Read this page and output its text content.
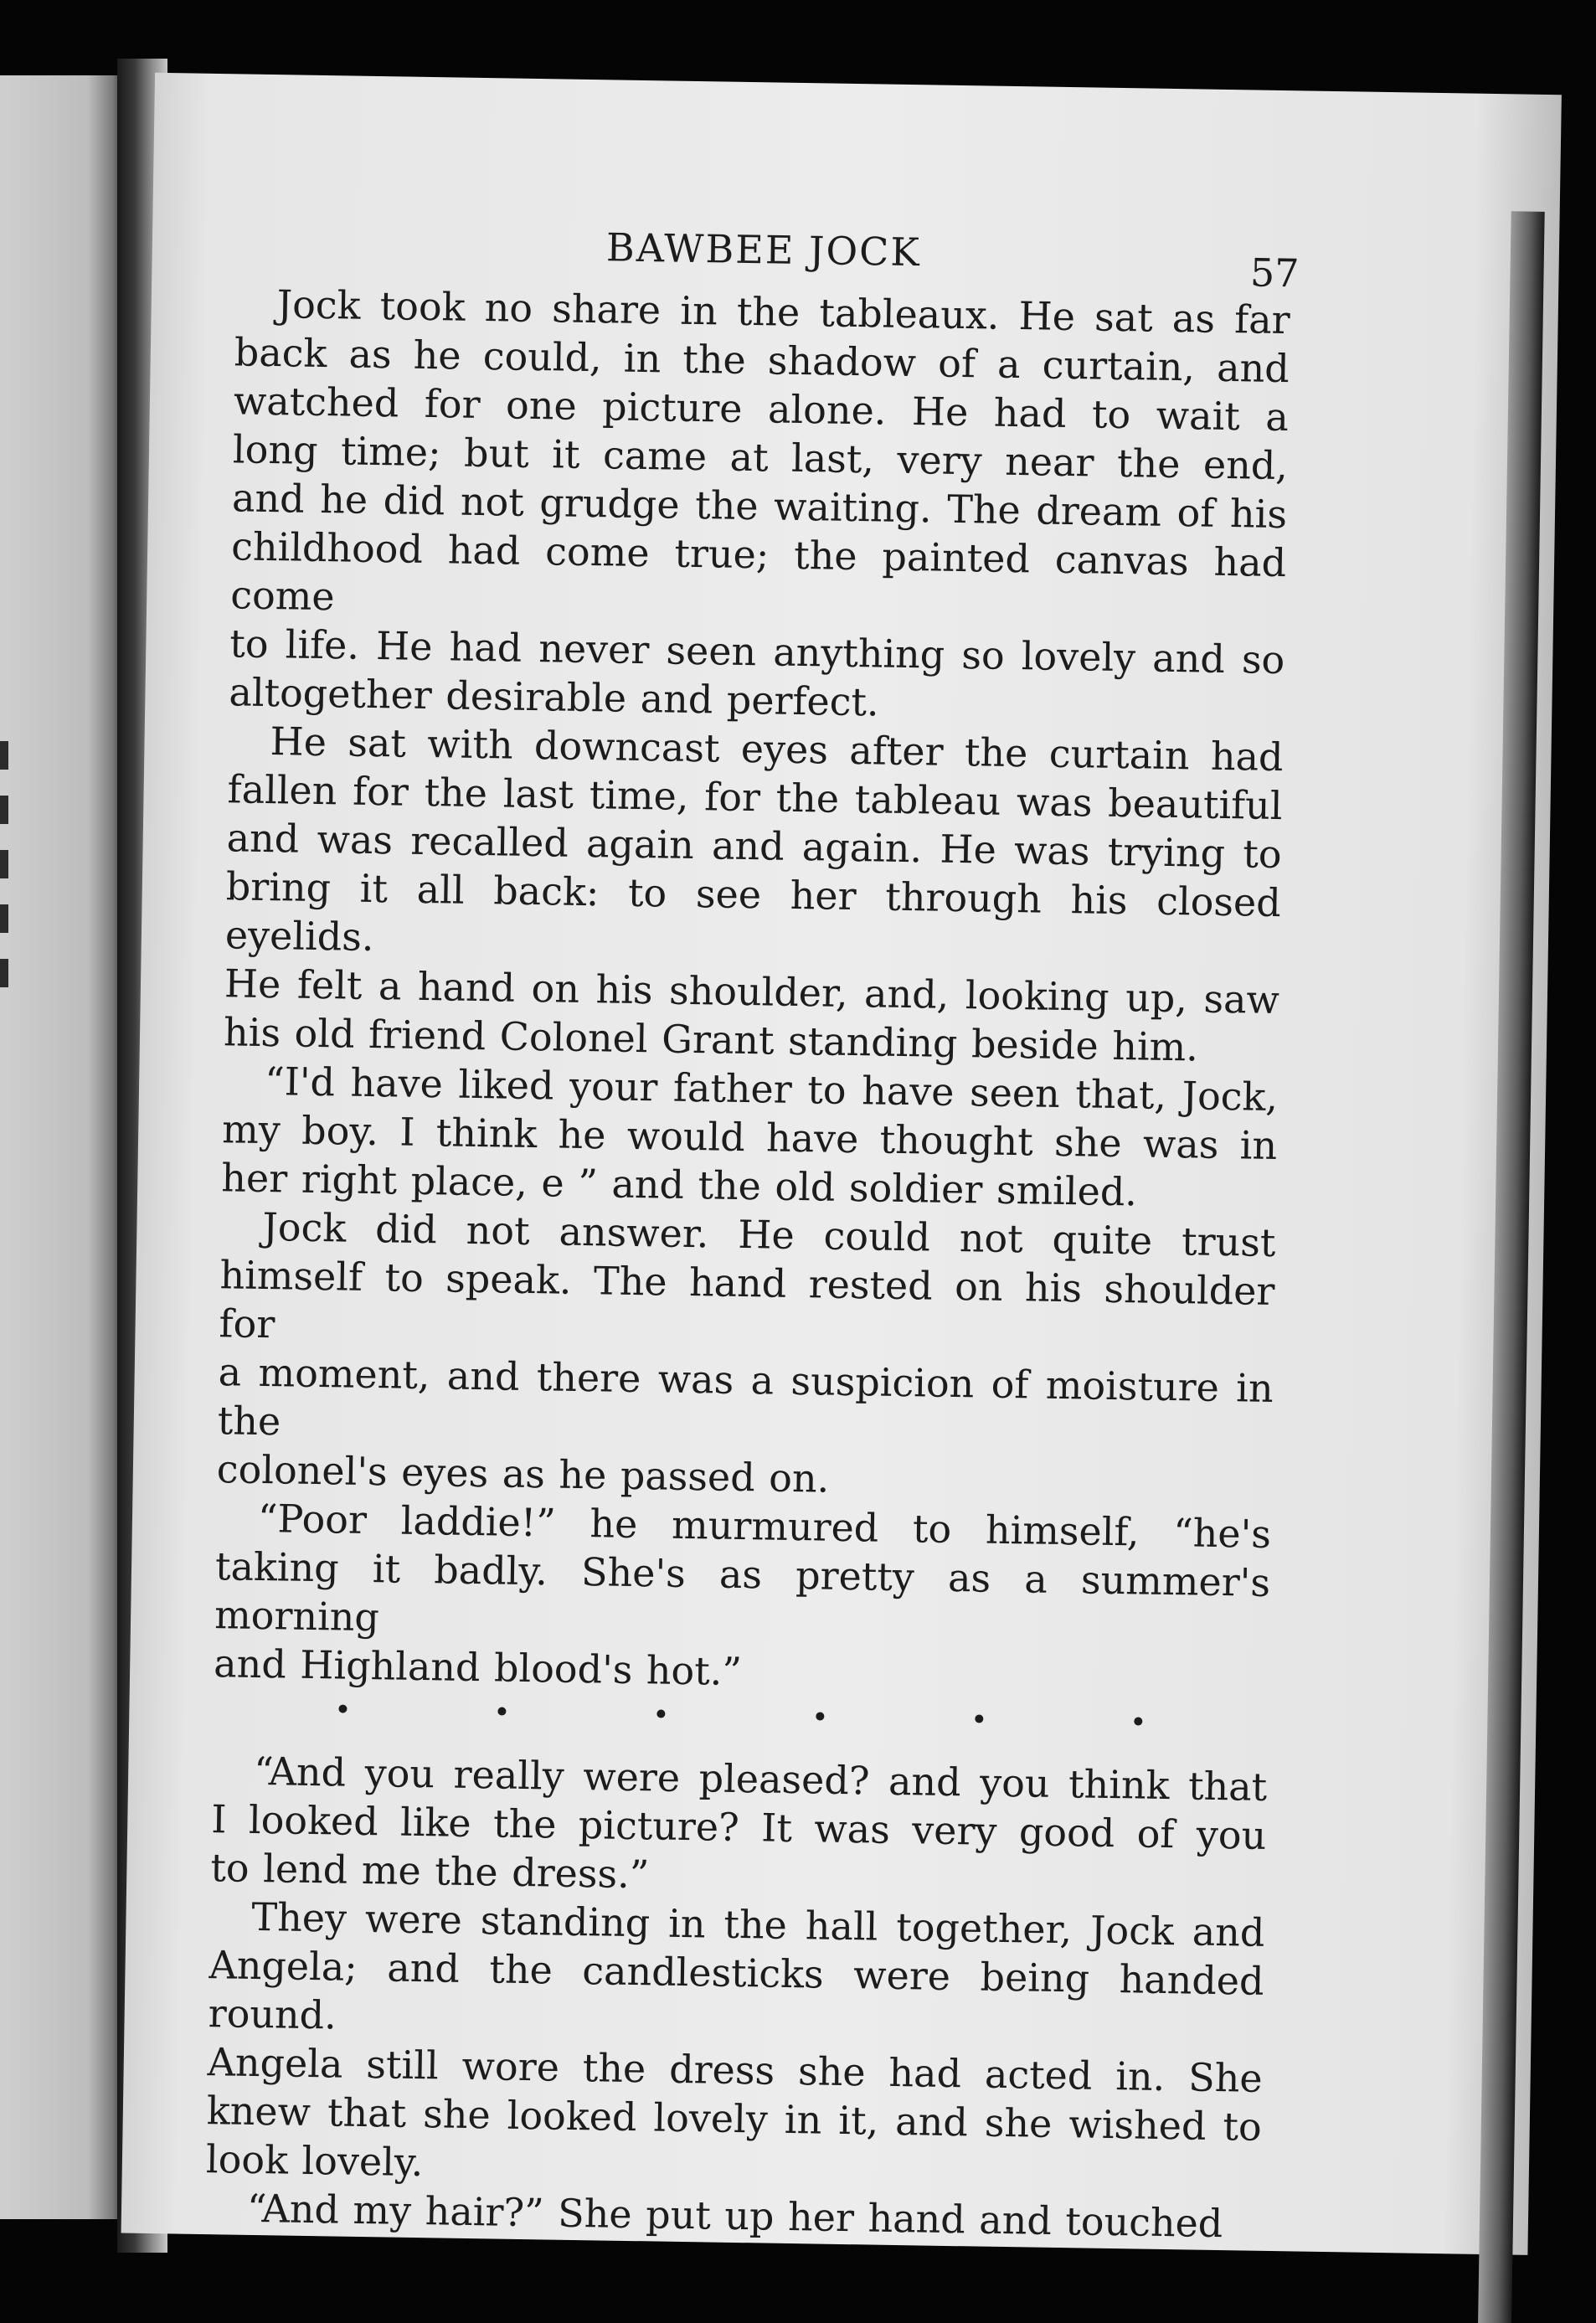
BAWBEE JOCK	57

Jock took no share in the tableaux. He sat as far
back as he could, in the shadow of a curtain, and
watched for one picture alone. He had to wait a
long time; but it came at last, very near the end,
and he did not grudge the waiting. The dream of his
childhood had come true; the painted canvas had come
to life. He had never seen anything so lovely and so
altogether desirable and perfect.

He sat with downcast eyes after the curtain had
fallen for the last time, for the tableau was beautiful
and was recalled again and again. He was trying to
bring it all back: to see her through his closed eyelids.
He felt a hand on his shoulder, and, looking up, saw
his old friend Colonel Grant standing beside him.

“I'd have liked your father to have seen that, Jock,
my boy. I think he would have thought she was in
her right place, e ” and the old soldier smiled.

Jock did not answer. He could not quite trust
himself to speak. The hand rested on his shoulder for
a moment, and there was a suspicion of moisture in the
colonel's eyes as he passed on.

“Poor laddie!” he murmured to himself, “he's
taking it badly. She's as pretty as a summer's morning
and Highland blood's hot.”

“And you really were pleased? and you think that
I looked like the picture? It was very good of you
to lend me the dress.”

They were standing in the hall together, Jock and
Angela; and the candlesticks were being handed round.
Angela still wore the dress she had acted in. She
knew that she looked lovely in it, and she wished to
look lovely.

“And my hair?” She put up her hand and touched
